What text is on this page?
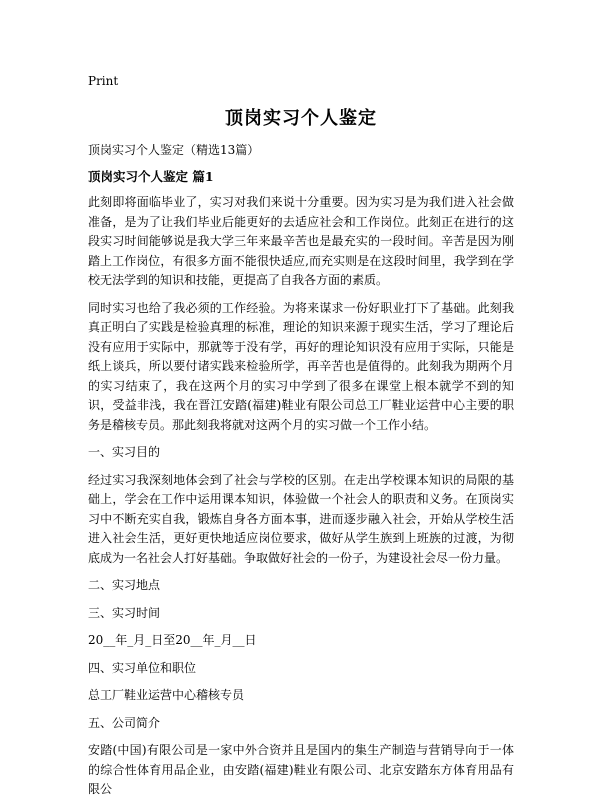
Print
顶岗实习个人鉴定
顶岗实习个人鉴定（精选13篇）
顶岗实习个人鉴定 篇1

此刻即将面临毕业了，实习对我们来说十分重要。因为实习是为我们进入社会做准备，是为了让我们毕业后能更好的去适应社会和工作岗位。此刻正在进行的这段实习时间能够说是我大学三年来最辛苦也是最充实的一段时间。辛苦是因为刚踏上工作岗位，有很多方面不能很快适应,而充实则是在这段时间里，我学到在学校无法学到的知识和技能，更提高了自我各方面的素质。

同时实习也给了我必须的工作经验。为将来谋求一份好职业打下了基础。此刻我真正明白了实践是检验真理的标准，理论的知识来源于现实生活，学习了理论后没有应用于实际中，那就等于没有学，再好的理论知识没有应用于实际，只能是纸上谈兵，所以要付诸实践来检验所学，再辛苦也是值得的。此刻我为期两个月的实习结束了，我在这两个月的实习中学到了很多在课堂上根本就学不到的知识，受益非浅，我在晋江安踏(福建)鞋业有限公司总工厂鞋业运营中心主要的职务是稽核专员。那此刻我将就对这两个月的实习做一个工作小结。

一、实习目的

经过实习我深刻地体会到了社会与学校的区别。在走出学校课本知识的局限的基础上，学会在工作中运用课本知识，体验做一个社会人的职责和义务。在顶岗实习中不断充实自我，锻炼自身各方面本事，进而逐步融入社会，开始从学校生活进入社会生活，更好更快地适应岗位要求，做好从学生族到上班族的过渡，为彻底成为一名社会人打好基础。争取做好社会的一份子，为建设社会尽一份力量。

二、实习地点
三、实习时间
20__年_月_日至20__年_月__日
四、实习单位和职位
总工厂鞋业运营中心稽核专员
五、公司简介

安踏(中国)有限公司是一家中外合资并且是国内的集生产制造与营销导向于一体的综合性体育用品企业，由安踏(福建)鞋业有限公司、北京安踏东方体育用品有限公
